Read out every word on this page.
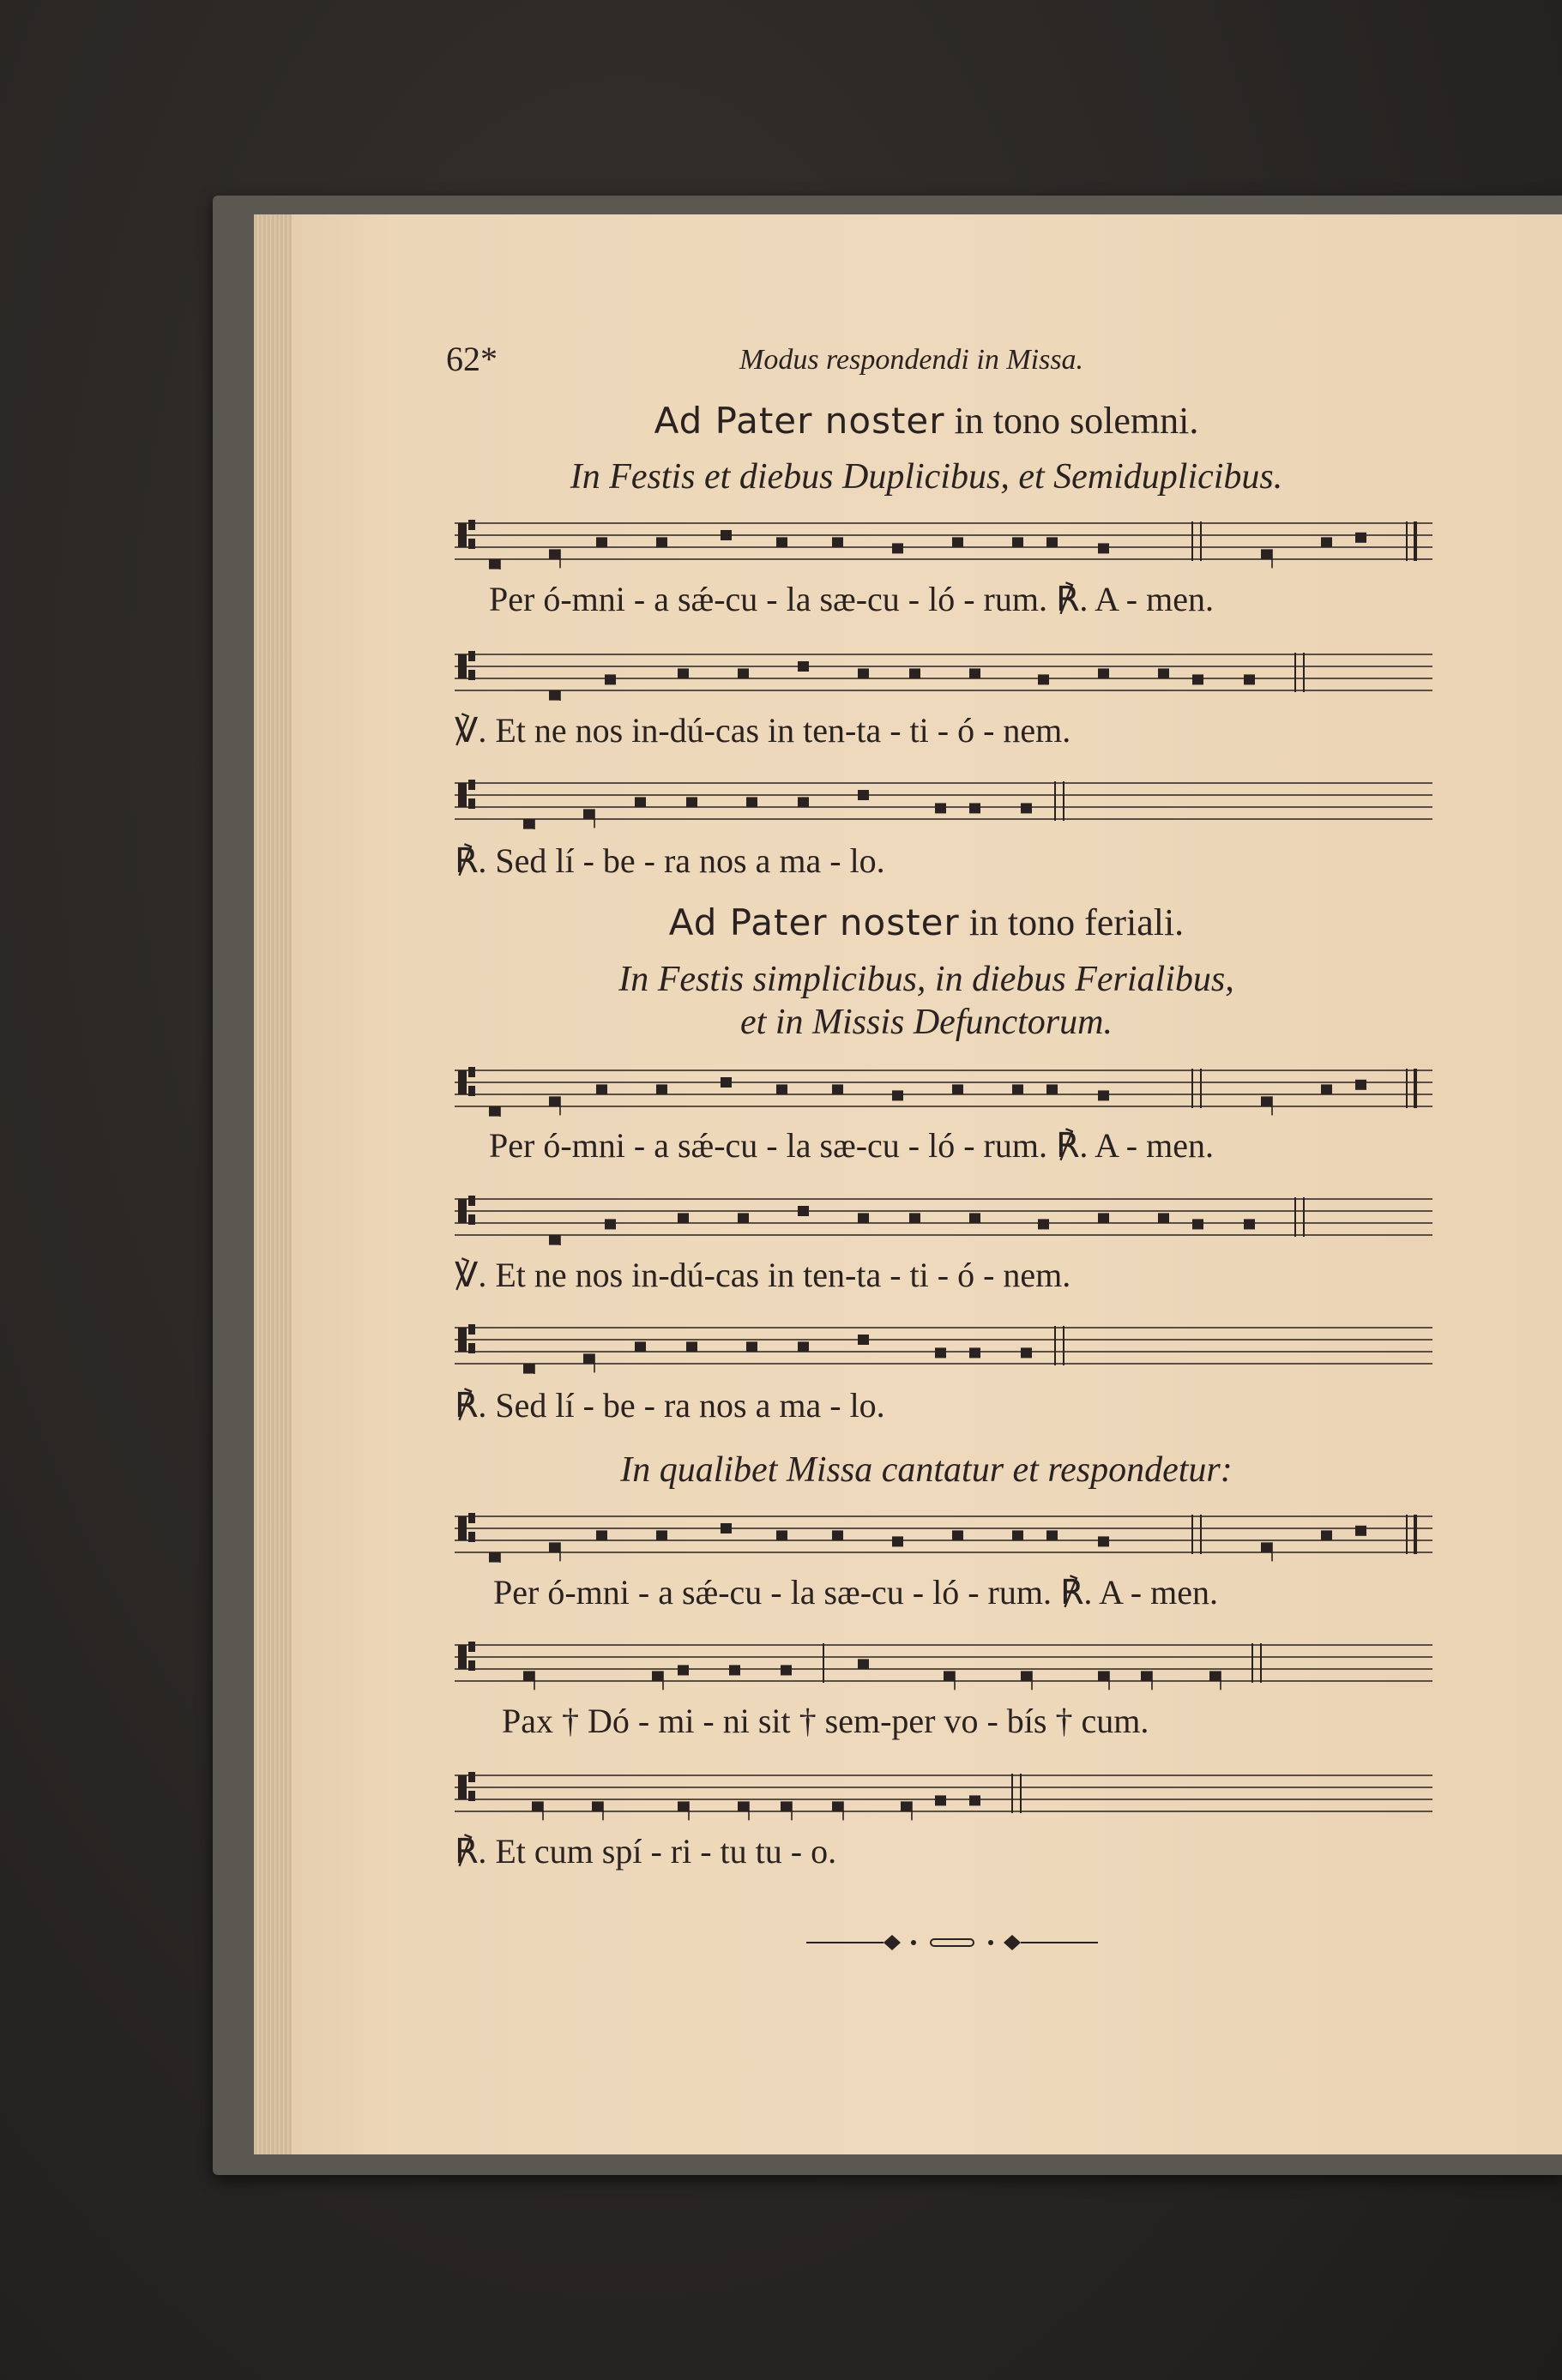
62*	Modus respondendi in Missa.
Ad Pater noster in tono solemni.
In Festis et diebus Duplicibus, et Semiduplicibus.
Per ó-mni - a sǽ-cu - la sæ-cu - ló - rum. ℟. A - men.
℣. Et ne nos in-dú-cas in ten-ta - ti - ó - nem.
℟. Sed lí - be - ra nos a ma - lo.
Ad Pater noster in tono feriali.
In Festis simplicibus, in diebus Ferialibus,
et in Missis Defunctorum.
Per ó-mni - a sǽ-cu - la sæ-cu - ló - rum. ℟. A - men.
℣. Et ne nos in-dú-cas in ten-ta - ti - ó - nem.
℟. Sed lí - be - ra nos a ma - lo.
In qualibet Missa cantatur et respondetur:
Per ó-mni - a sǽ-cu - la sæ-cu - ló - rum. ℟. A - men.
Pax † Dó - mi - ni sit † sem-per vo - bís † cum.
℟. Et cum spí - ri - tu tu - o.
